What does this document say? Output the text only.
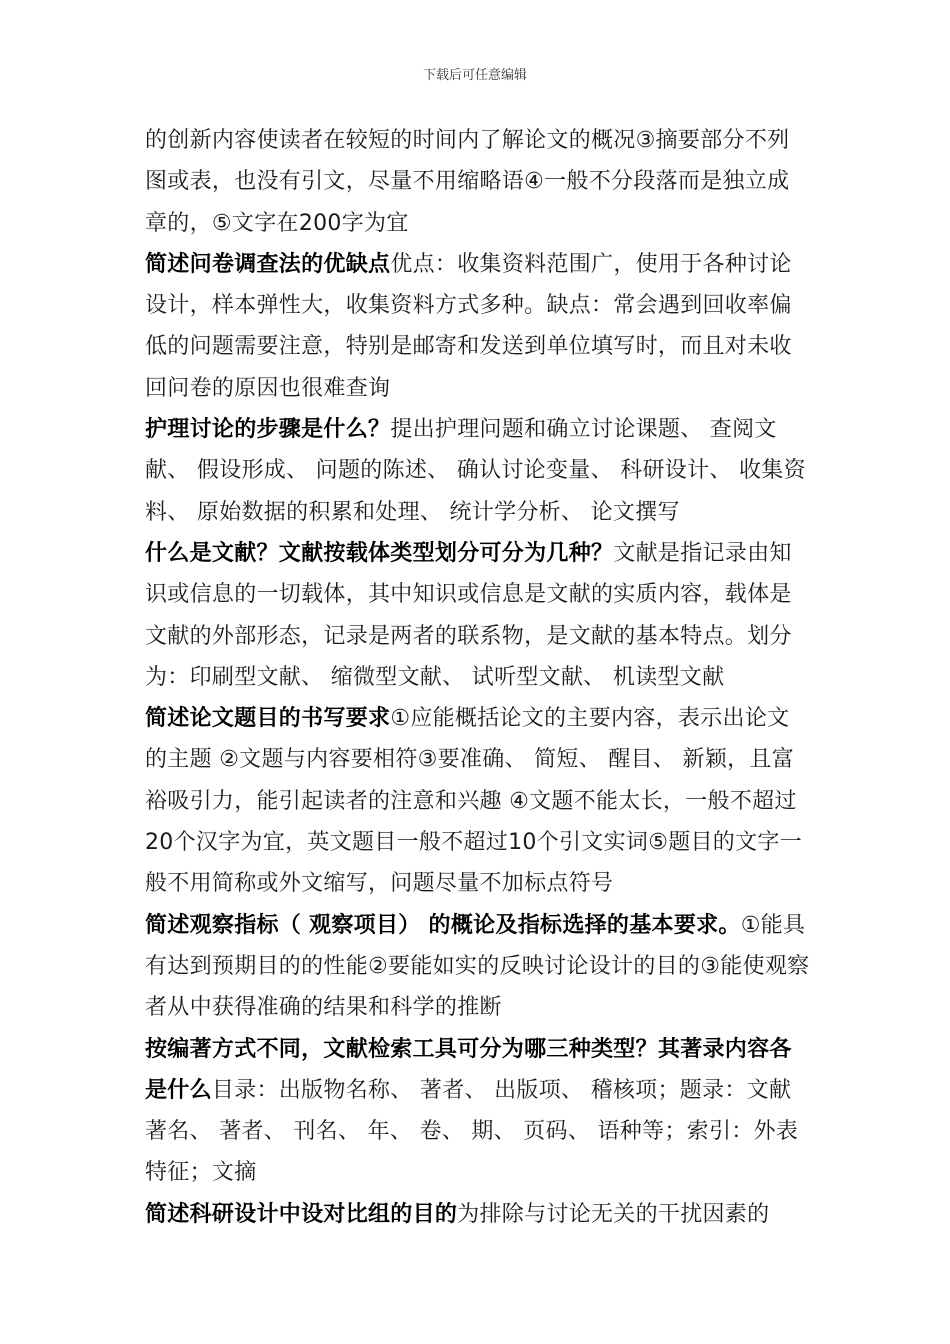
下载后可任意编辑

的创新内容使读者在较短的时间内了解论文的概况③摘要部分不列图或表，也没有引文，尽量不用缩略语④一般不分段落而是独立成章的，⑤文字在200字为宜

简述问卷调查法的优缺点优点：收集资料范围广，使用于各种讨论设计，样本弹性大，收集资料方式多种。缺点：常会遇到回收率偏低的问题需要注意，特别是邮寄和发送到单位填写时，而且对未收回问卷的原因也很难查询

护理讨论的步骤是什么？提出护理问题和确立讨论课题、 查阅文献、 假设形成、 问题的陈述、 确认讨论变量、 科研设计、 收集资料、 原始数据的积累和处理、 统计学分析、 论文撰写

什么是文献？文献按载体类型划分可分为几种？文献是指记录由知识或信息的一切载体，其中知识或信息是文献的实质内容，载体是文献的外部形态，记录是两者的联系物，是文献的基本特点。划分为：印刷型文献、 缩微型文献、 试听型文献、 机读型文献

简述论文题目的书写要求①应能概括论文的主要内容，表示出论文的主题 ②文题与内容要相符③要准确、 简短、 醒目、 新颖，且富裕吸引力，能引起读者的注意和兴趣 ④文题不能太长，一般不超过20个汉字为宜，英文题目一般不超过10个引文实词⑤题目的文字一般不用简称或外文缩写，问题尽量不加标点符号

简述观察指标（ 观察项目） 的概论及指标选择的基本要求。①能具有达到预期目的的性能②要能如实的反映讨论设计的目的③能使观察者从中获得准确的结果和科学的推断

按编著方式不同，文献检索工具可分为哪三种类型？其著录内容各是什么目录：出版物名称、 著者、 出版项、 稽核项；题录：文献著名、 著者、 刊名、 年、 卷、 期、 页码、 语种等；索引：外表特征；文摘

简述科研设计中设对比组的目的为排除与讨论无关的干扰因素的
